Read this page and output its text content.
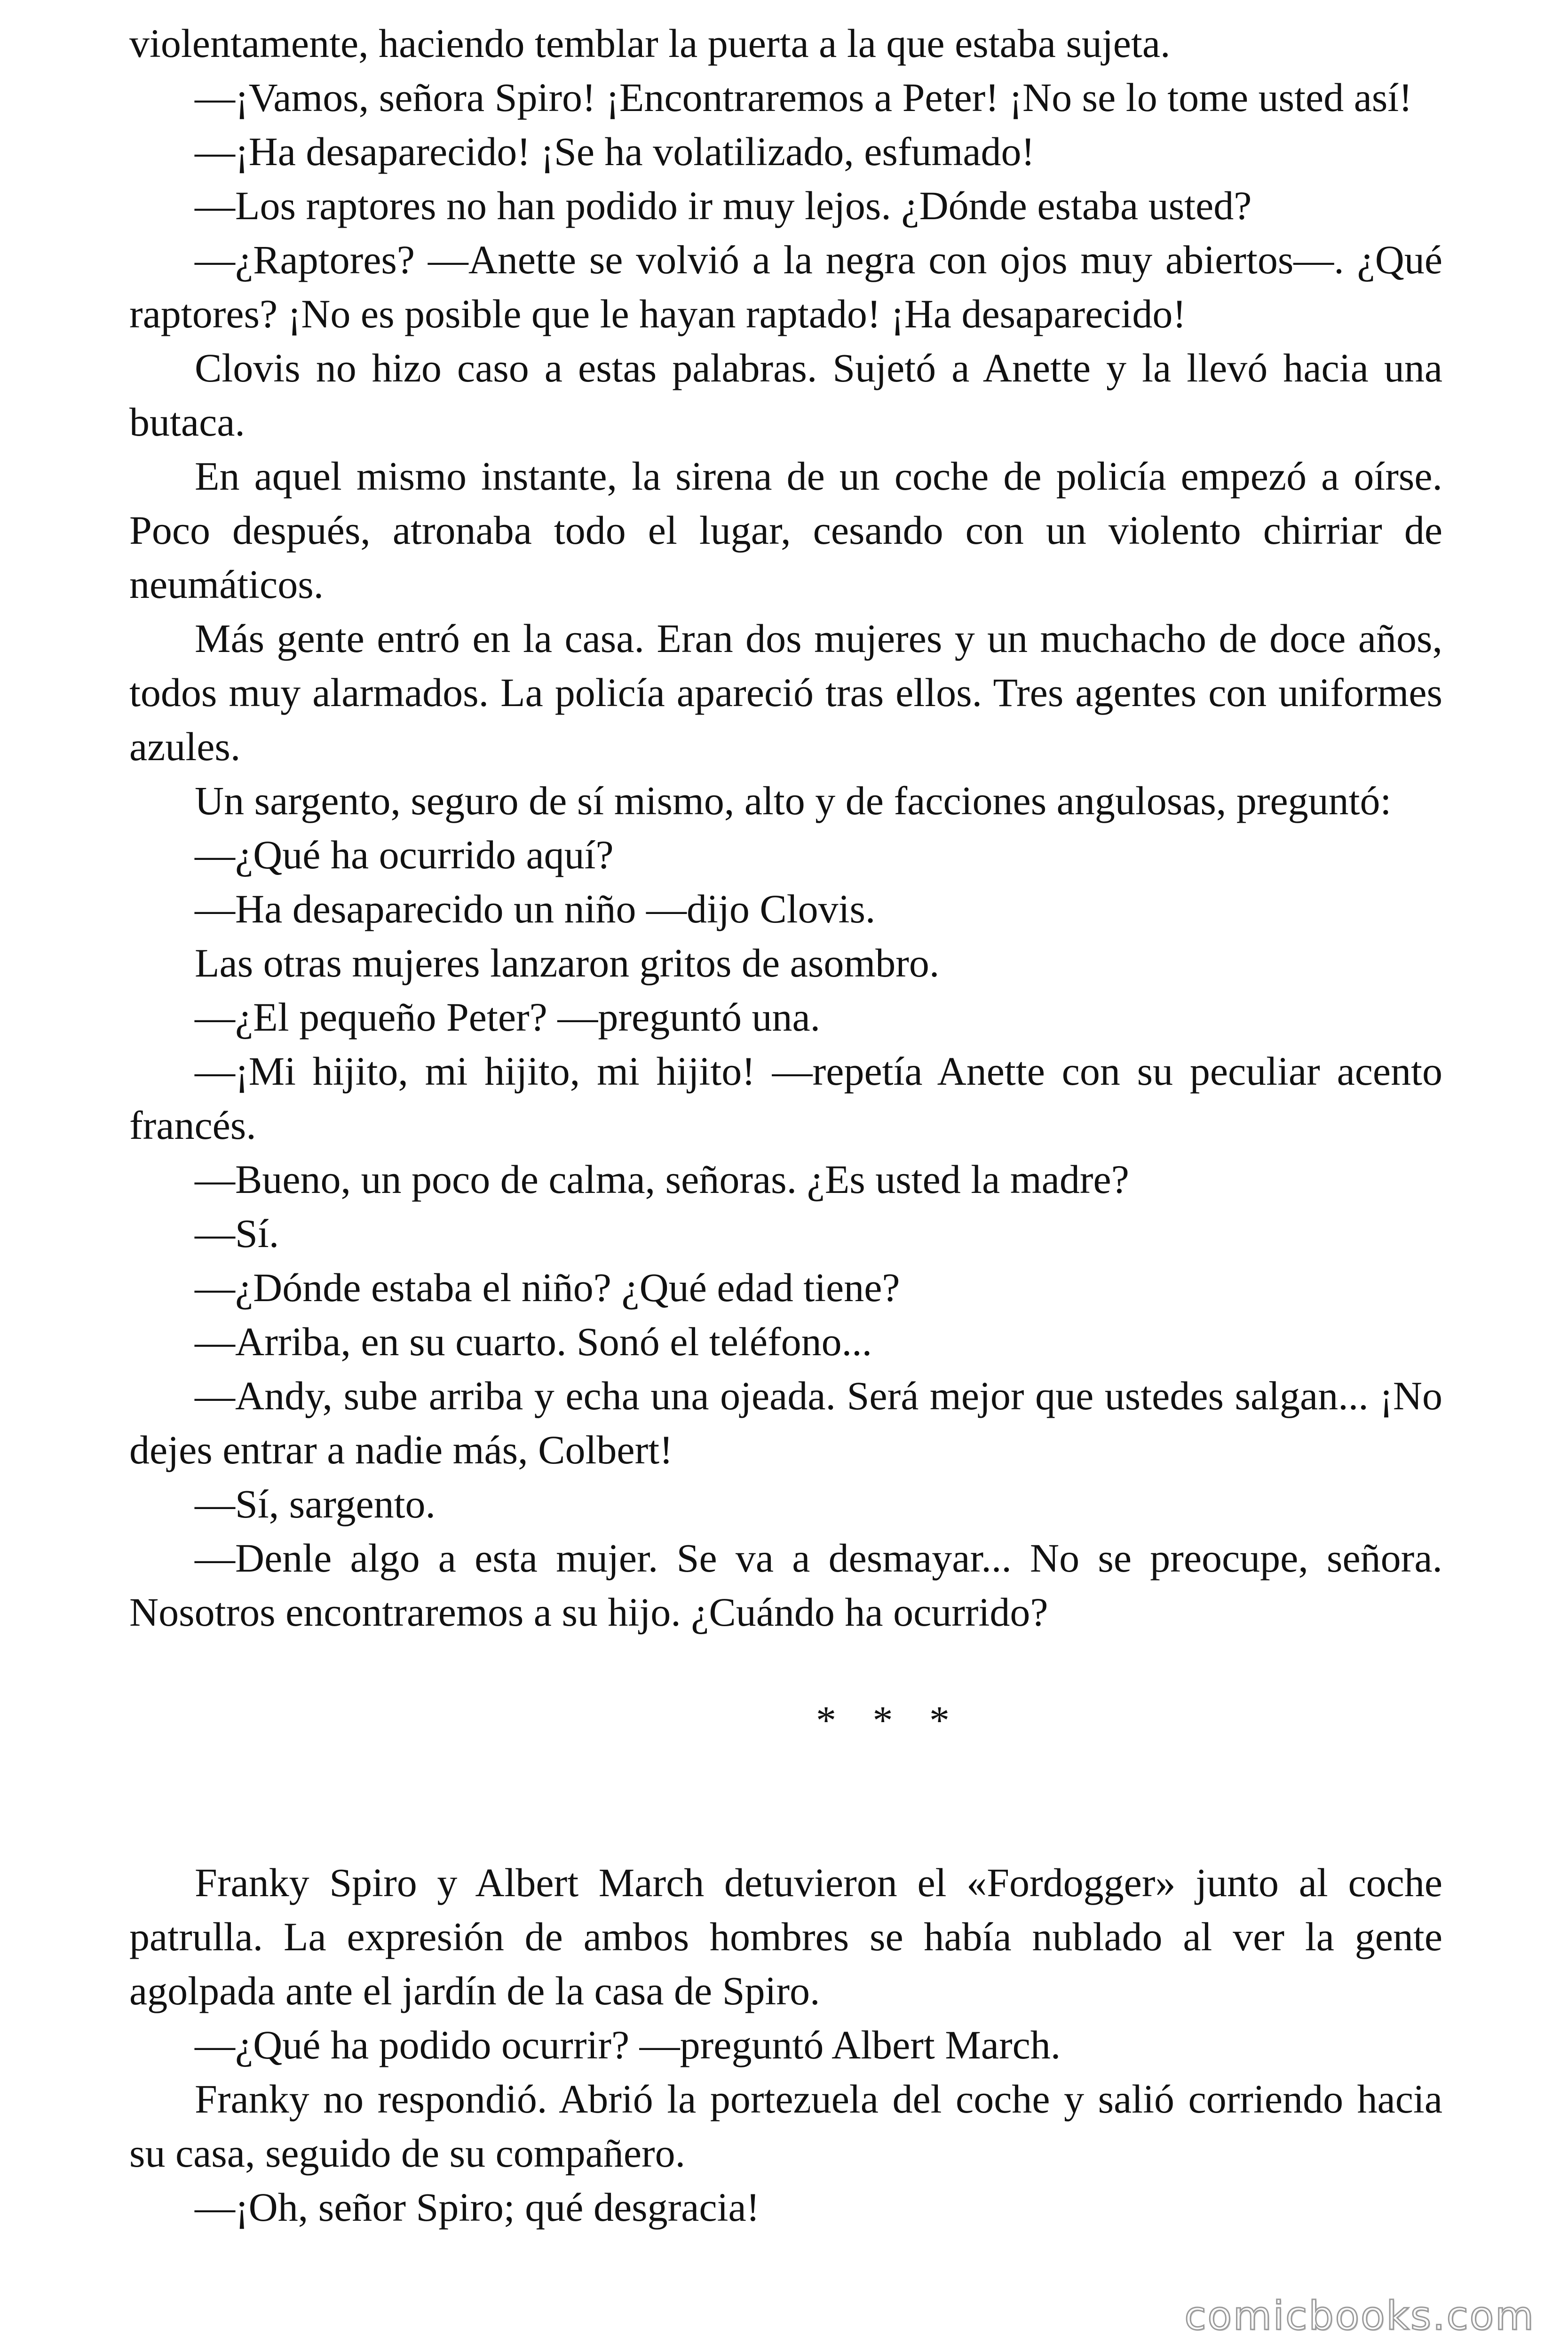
violentamente, haciendo temblar la puerta a la que estaba sujeta.

—¡Vamos, señora Spiro! ¡Encontraremos a Peter! ¡No se lo tome usted así!

—¡Ha desaparecido! ¡Se ha volatilizado, esfumado!

—Los raptores no han podido ir muy lejos. ¿Dónde estaba usted?

—¿Raptores? —Anette se volvió a la negra con ojos muy abiertos—. ¿Qué raptores? ¡No es posible que le hayan raptado! ¡Ha desaparecido!

Clovis no hizo caso a estas palabras. Sujetó a Anette y la llevó hacia una butaca.

En aquel mismo instante, la sirena de un coche de policía empezó a oírse. Poco después, atronaba todo el lugar, cesando con un violento chirriar de neumáticos.

Más gente entró en la casa. Eran dos mujeres y un muchacho de doce años, todos muy alarmados. La policía apareció tras ellos. Tres agentes con uniformes azules.

Un sargento, seguro de sí mismo, alto y de facciones angulosas, preguntó:

—¿Qué ha ocurrido aquí?

—Ha desaparecido un niño —dijo Clovis.

Las otras mujeres lanzaron gritos de asombro.

—¿El pequeño Peter? —preguntó una.

—¡Mi hijito, mi hijito, mi hijito! —repetía Anette con su peculiar acento francés.

—Bueno, un poco de calma, señoras. ¿Es usted la madre?

—Sí.

—¿Dónde estaba el niño? ¿Qué edad tiene?

—Arriba, en su cuarto. Sonó el teléfono...

—Andy, sube arriba y echa una ojeada. Será mejor que ustedes salgan... ¡No dejes entrar a nadie más, Colbert!

—Sí, sargento.

—Denle algo a esta mujer. Se va a desmayar... No se preocupe, señora. Nosotros encontraremos a su hijo. ¿Cuándo ha ocurrido?

* * *

Franky Spiro y Albert March detuvieron el «Fordogger» junto al coche patrulla. La expresión de ambos hombres se había nublado al ver la gente agolpada ante el jardín de la casa de Spiro.

—¿Qué ha podido ocurrir? —preguntó Albert March.

Franky no respondió. Abrió la portezuela del coche y salió corriendo hacia su casa, seguido de su compañero.

—¡Oh, señor Spiro; qué desgracia!

comicbooks.com
